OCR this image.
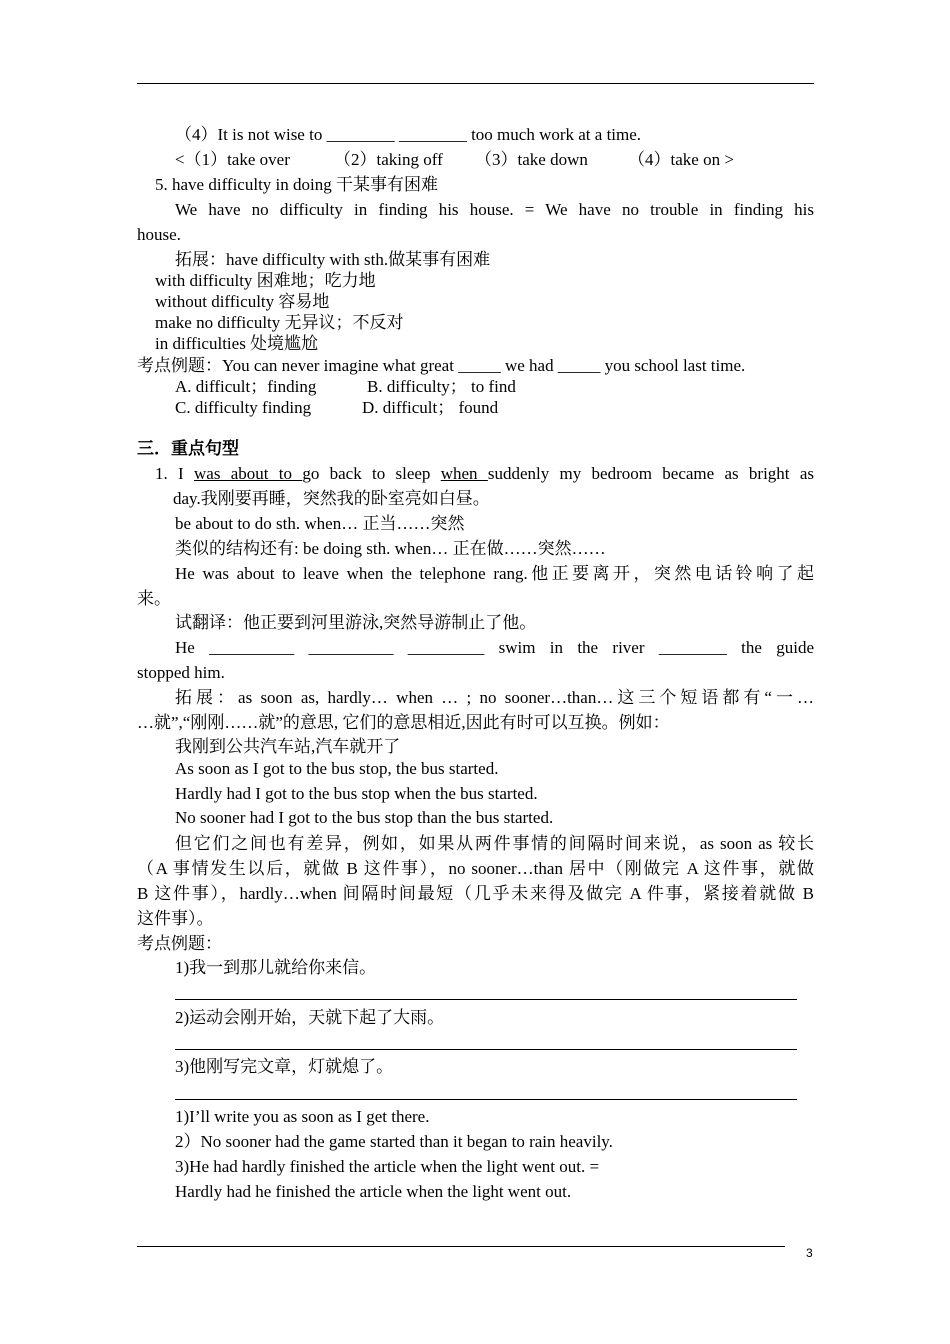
（4）It is not wise to ________ ________ too much work at a time.
<（1）take over	（2）taking off （3）take down （4）take on >
5. have difficulty in doing 干某事有困难
We have no difficulty in finding his house. = We have no trouble in finding his
house.
拓展：have difficulty with sth.做某事有困难
with difficulty 困难地；吃力地
without difficulty 容易地
make no difficulty 无异议；不反对
in difficulties 处境尴尬
考点例题：You can never imagine what great _____ we had _____ you school last time.
A. difficult；finding	B. difficulty； to find
C. difficulty finding	D. difficult； found
三．重点句型
1. I was about to go back to sleep when suddenly my bedroom became as bright as
day.我刚要再睡，突然我的卧室亮如白昼。
be about to do sth. when… 正当……突然
类似的结构还有: be doing sth. when… 正在做……突然……
He was about to leave when the telephone rang.他正要离开，突然电话铃响了起
来。
试翻译：他正要到河里游泳,突然导游制止了他。
He __________ __________ _________ swim in the river ________ the guide
stopped him.
拓展：as soon as, hardly… when … ; no sooner…than…这三个短语都有“一…
…就”,“刚刚……就”的意思, 它们的意思相近,因此有时可以互换。例如：
我刚到公共汽车站,汽车就开了
As soon as I got to the bus stop, the bus started.
Hardly had I got to the bus stop when the bus started.
No sooner had I got to the bus stop than the bus started.
但它们之间也有差异，例如，如果从两件事情的间隔时间来说，as soon as 较长
（A 事情发生以后，就做 B 这件事），no sooner…than 居中（刚做完 A 这件事，就做
B 这件事），hardly…when 间隔时间最短（几乎未来得及做完 A 件事，紧接着就做 B
这件事）。
考点例题：
1)我一到那儿就给你来信。
2)运动会刚开始，天就下起了大雨。
3)他刚写完文章，灯就熄了。
1)I’ll write you as soon as I get there.
2）No sooner had the game started than it began to rain heavily.
3)He had hardly finished the article when the light went out. =
Hardly had he finished the article when the light went out.
3
